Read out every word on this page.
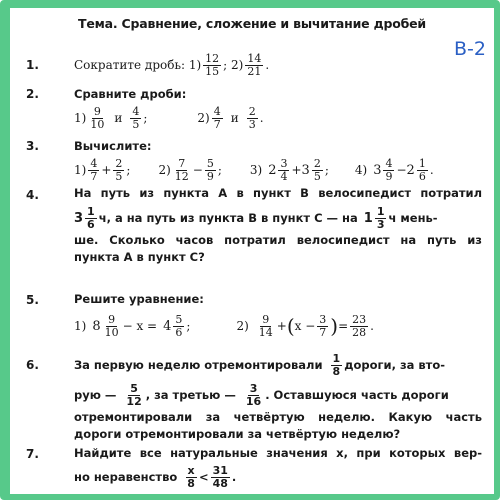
Тема. Сравнение, сложение и вычитание дробей
В-2
1.	Сократите дробь: $1) \frac{12}{15}$ ; $2) \frac{14}{21}$ .
2.	Сравните дроби:
$1) \frac{9}{10}$ и $\frac{4}{5}$ ;	$2) \frac{4}{7}$ и $\frac{2}{3}$ .
3.	Вычислите:
$1) \frac{4}{7} + \frac{2}{5}$ ; $2) \frac{7}{12} - \frac{5}{9}$ ; 3) $2 \frac{3}{4} + 3 \frac{2}{5}$ ; 4) $3 \frac{4}{9} - 2 \frac{1}{6}$ .
4.	На путь из пункта A в пункт B велосипедист потратил
$3 \frac{1}{6} ч$, а на путь из пункта B в пункт C — на $1 \frac{1}{3}$ ч мень-
ше. Сколько часов потратил велосипедист на путь из
пункта A в пункт C?
5.	Решите уравнение:
1) $8 \frac{9}{10} - x = 4 \frac{5}{6}$ ;	$2) \frac{9}{14}$ + ( $x - \frac{3}{7}$ ) = $\frac{23}{28}$ .
6.	За первую неделю отремонтировали $\frac{1}{8}$ дороги, за вто-
рую — $\frac{5}{12}$ , за третью — $\frac{3}{16}$ . Оставшуюся часть дороги
отремонтировали за четвёртую неделю. Какую часть
дороги отремонтировали за четвёртую неделю?
7.	Найдите все натуральные значения x, при которых вер-
но неравенство $\frac{x}{8} < \frac{31}{48}$ .
